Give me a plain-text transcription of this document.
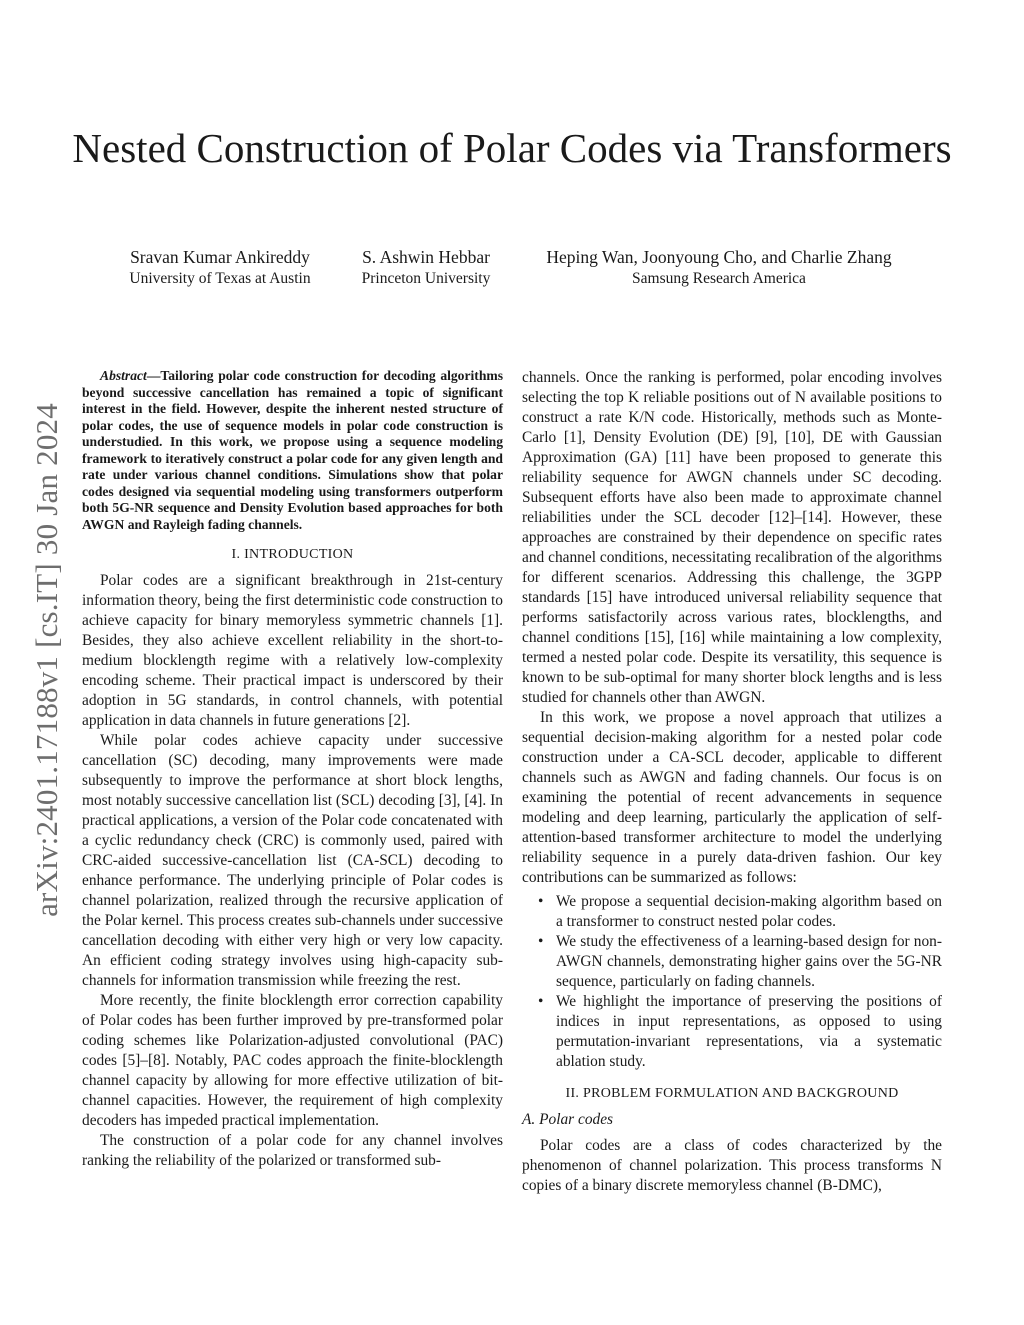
Nested Construction of Polar Codes via Transformers
Sravan Kumar Ankireddy
University of Texas at Austin
S. Ashwin Hebbar
Princeton University
Heping Wan, Joonyoung Cho, and Charlie Zhang
Samsung Research America
arXiv:2401.17188v1 [cs.IT] 30 Jan 2024

Abstract—Tailoring polar code construction for decoding algorithms beyond successive cancellation has remained a topic of significant interest in the field. However, despite the inherent nested structure of polar codes, the use of sequence models in polar code construction is understudied. In this work, we propose using a sequence modeling framework to iteratively construct a polar code for any given length and rate under various channel conditions. Simulations show that polar codes designed via sequential modeling using transformers outperform both 5G-NR sequence and Density Evolution based approaches for both AWGN and Rayleigh fading channels.

I. INTRODUCTION

Polar codes are a significant breakthrough in 21st-century information theory, being the first deterministic code construction to achieve capacity for binary memoryless symmetric channels [1]. Besides, they also achieve excellent reliability in the short-to-medium blocklength regime with a relatively low-complexity encoding scheme. Their practical impact is underscored by their adoption in 5G standards, in control channels, with potential application in data channels in future generations [2].

While polar codes achieve capacity under successive cancellation (SC) decoding, many improvements were made subsequently to improve the performance at short block lengths, most notably successive cancellation list (SCL) decoding [3], [4]. In practical applications, a version of the Polar code concatenated with a cyclic redundancy check (CRC) is commonly used, paired with CRC-aided successive-cancellation list (CA-SCL) decoding to enhance performance. The underlying principle of Polar codes is channel polarization, realized through the recursive application of the Polar kernel. This process creates sub-channels under successive cancellation decoding with either very high or very low capacity. An efficient coding strategy involves using high-capacity sub-channels for information transmission while freezing the rest.

More recently, the finite blocklength error correction capability of Polar codes has been further improved by pre-transformed polar coding schemes like Polarization-adjusted convolutional (PAC) codes [5]–[8]. Notably, PAC codes approach the finite-blocklength channel capacity by allowing for more effective utilization of bit-channel capacities. However, the requirement of high complexity decoders has impeded practical implementation.

The construction of a polar code for any channel involves ranking the reliability of the polarized or transformed sub-

channels. Once the ranking is performed, polar encoding involves selecting the top K reliable positions out of N available positions to construct a rate K/N code. Historically, methods such as Monte-Carlo [1], Density Evolution (DE) [9], [10], DE with Gaussian Approximation (GA) [11] have been proposed to generate this reliability sequence for AWGN channels under SC decoding. Subsequent efforts have also been made to approximate channel reliabilities under the SCL decoder [12]–[14]. However, these approaches are constrained by their dependence on specific rates and channel conditions, necessitating recalibration of the algorithms for different scenarios. Addressing this challenge, the 3GPP standards [15] have introduced universal reliability sequence that performs satisfactorily across various rates, blocklengths, and channel conditions [15], [16] while maintaining a low complexity, termed a nested polar code. Despite its versatility, this sequence is known to be sub-optimal for many shorter block lengths and is less studied for channels other than AWGN.

In this work, we propose a novel approach that utilizes a sequential decision-making algorithm for a nested polar code construction under a CA-SCL decoder, applicable to different channels such as AWGN and fading channels. Our focus is on examining the potential of recent advancements in sequence modeling and deep learning, particularly the application of self-attention-based transformer architecture to model the underlying reliability sequence in a purely data-driven fashion. Our key contributions can be summarized as follows:

• We propose a sequential decision-making algorithm based on a transformer to construct nested polar codes.
• We study the effectiveness of a learning-based design for non-AWGN channels, demonstrating higher gains over the 5G-NR sequence, particularly on fading channels.
• We highlight the importance of preserving the positions of indices in input representations, as opposed to using permutation-invariant representations, via a systematic ablation study.
II. PROBLEM FORMULATION AND BACKGROUND
A. Polar codes

Polar codes are a class of codes characterized by the phenomenon of channel polarization. This process transforms N copies of a binary discrete memoryless channel (B-DMC),
